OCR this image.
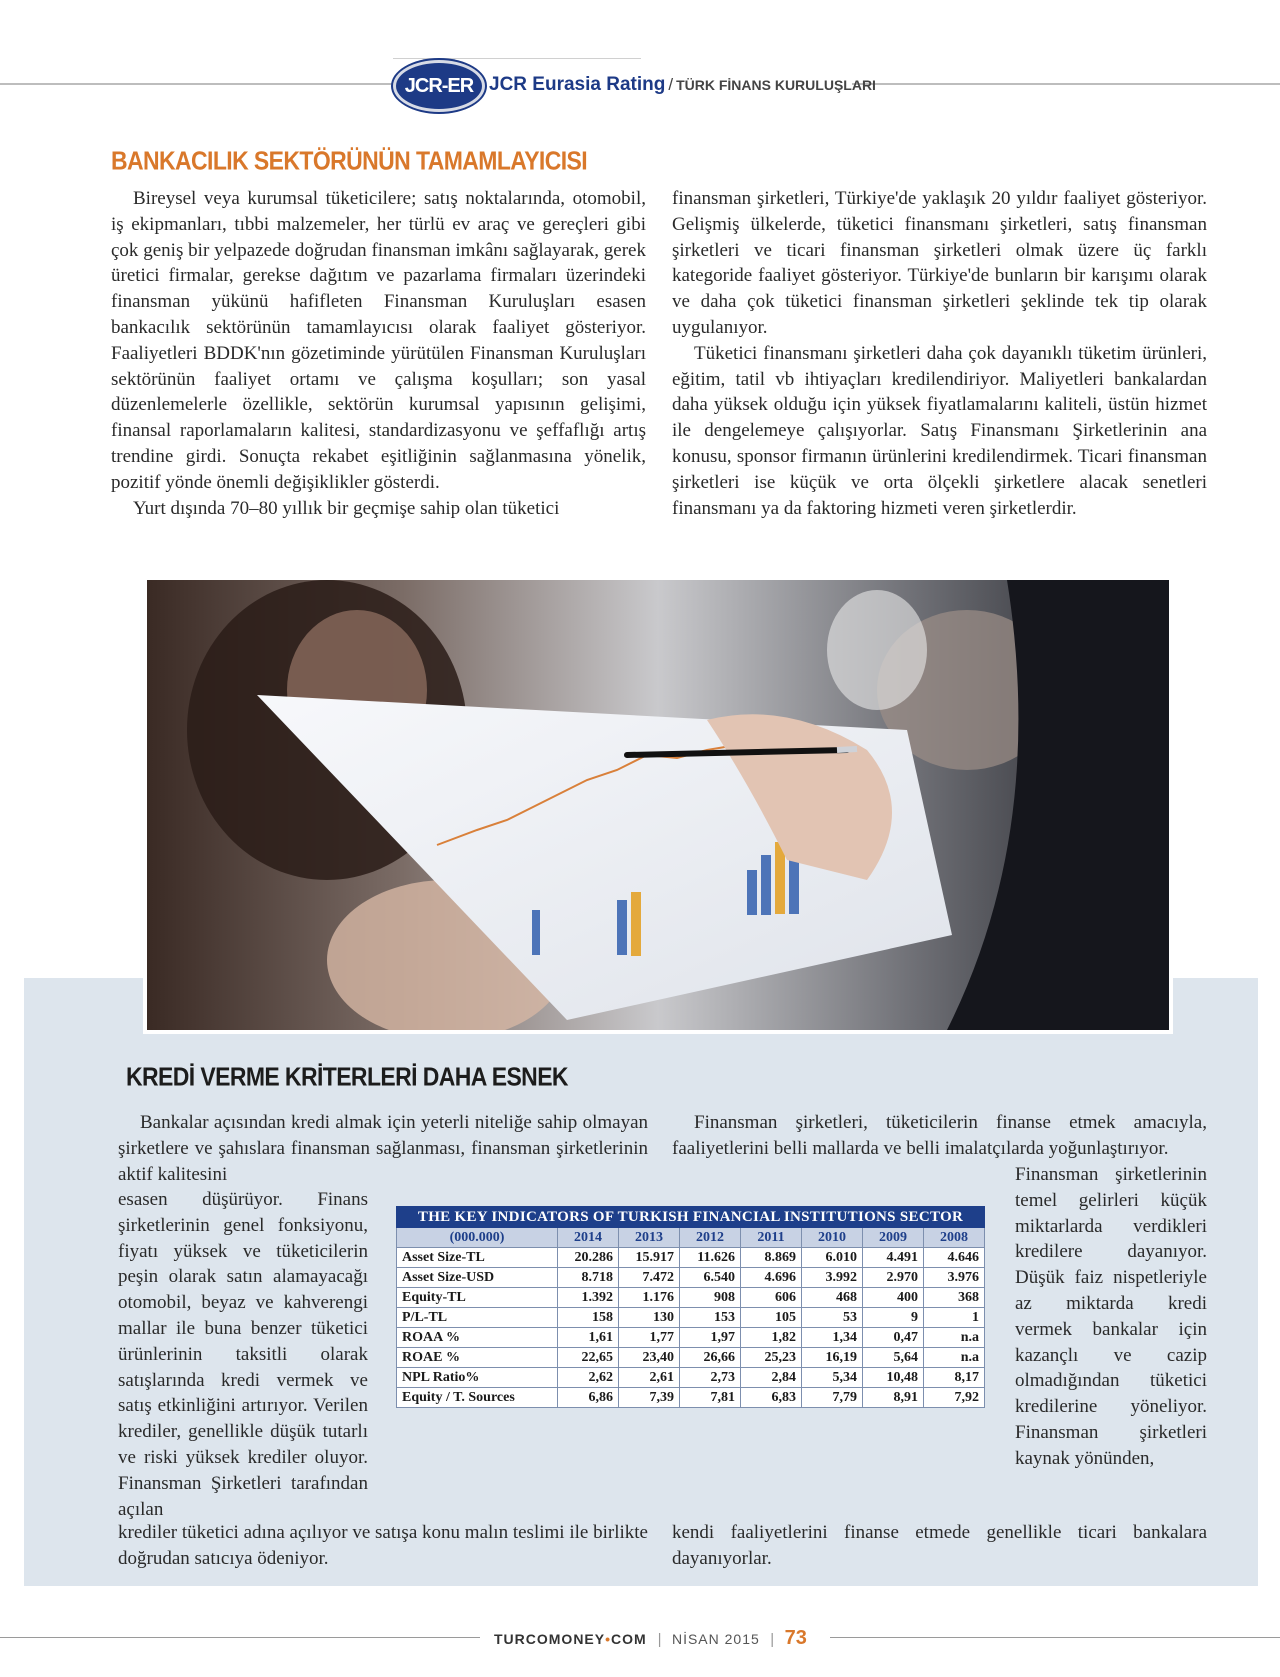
JCR-ER JCR Eurasia Rating / TÜRK FİNANS KURULUŞLARI
BANKACILIK SEKTÖRÜNÜN TAMAMLAYICISI

Bireysel veya kurumsal tüketicilere; satış noktalarında, otomobil, iş ekipmanları, tıbbi malzemeler, her türlü ev araç ve gereçleri gibi çok geniş bir yelpazede doğrudan finansman imkânı sağlayarak, gerek üretici firmalar, gerekse dağıtım ve pazarlama firmaları üzerindeki finansman yükünü hafifleten Finansman Kuruluşları esasen bankacılık sektörünün tamamlayıcısı olarak faaliyet gösteriyor. Faaliyetleri BDDK'nın gözetiminde yürütülen Finansman Kuruluşları sektörünün faaliyet ortamı ve çalışma koşulları; son yasal düzenlemelerle özellikle, sektörün kurumsal yapısının gelişimi, finansal raporlamaların kalitesi, standardizasyonu ve şeffaflığı artış trendine girdi. Sonuçta rekabet eşitliğinin sağlanmasına yönelik, pozitif yönde önemli değişiklikler gösterdi.

Yurt dışında 70–80 yıllık bir geçmişe sahip olan tüketici

finansman şirketleri, Türkiye'de yaklaşık 20 yıldır faaliyet gösteriyor. Gelişmiş ülkelerde, tüketici finansmanı şirketleri, satış finansman şirketleri ve ticari finansman şirketleri olmak üzere üç farklı kategoride faaliyet gösteriyor. Türkiye'de bunların bir karışımı olarak ve daha çok tüketici finansman şirketleri şeklinde tek tip olarak uygulanıyor.

Tüketici finansmanı şirketleri daha çok dayanıklı tüketim ürünleri, eğitim, tatil vb ihtiyaçları kredilendiriyor. Maliyetleri bankalardan daha yüksek olduğu için yüksek fiyatlamalarını kaliteli, üstün hizmet ile dengelemeye çalışıyorlar. Satış Finansmanı Şirketlerinin ana konusu, sponsor firmanın ürünlerini kredilendirmek. Ticari finansman şirketleri ise küçük ve orta ölçekli şirketlere alacak senetleri finansmanı ya da faktoring hizmeti veren şirketlerdir.

KREDİ VERME KRİTERLERİ DAHA ESNEK

Bankalar açısından kredi almak için yeterli niteliğe sahip olmayan şirketlere ve şahıslara finansman sağlanması, finansman şirketlerinin aktif kalitesini

esasen düşürüyor. Finans şirketlerinin genel fonksiyonu, fiyatı yüksek ve tüketicilerin peşin olarak satın alamayacağı otomobil, beyaz ve kahverengi mallar ile buna benzer tüketici ürünlerinin taksitli olarak satışlarında kredi vermek ve satış etkinliğini artırıyor. Verilen krediler, genellikle düşük tutarlı ve riski yüksek krediler oluyor. Finansman Şirketleri tarafından açılan

krediler tüketici adına açılıyor ve satışa konu malın teslimi ile birlikte doğrudan satıcıya ödeniyor.

Finansman şirketleri, tüketicilerin finanse etmek amacıyla, faaliyetlerini belli mallarda ve belli imalatçılarda yoğunlaştırıyor.

Finansman şirketlerinin temel gelirleri küçük miktarlarda verdikleri kredilere dayanıyor. Düşük faiz nispetleriyle az miktarda kredi vermek bankalar için kazançlı ve cazip olmadığından tüketici kredilerine yöneliyor. Finansman şirketleri kaynak yönünden,

kendi faaliyetlerini finanse etmede genellikle ticari bankalara dayanıyorlar.

THE KEY INDICATORS OF TURKISH FINANCIAL INSTITUTIONS SECTOR							
(000.000)	2014	2013	2012	2011	2010	2009	2008
Asset Size-TL	20.286	15.917	11.626	8.869	6.010	4.491	4.646
Asset Size-USD	8.718	7.472	6.540	4.696	3.992	2.970	3.976
Equity-TL	1.392	1.176	908	606	468	400	368
P/L-TL	158	130	153	105	53	9	1
ROAA %	1,61	1,77	1,97	1,82	1,34	0,47	n.a
ROAE %	22,65	23,40	26,66	25,23	16,19	5,64	n.a
NPL Ratio%	2,62	2,61	2,73	2,84	5,34	10,48	8,17
Equity / T. Sources	6,86	7,39	7,81	6,83	7,79	8,91	7,92
TURCOMONEY•COM | NİSAN 2015 | 73
